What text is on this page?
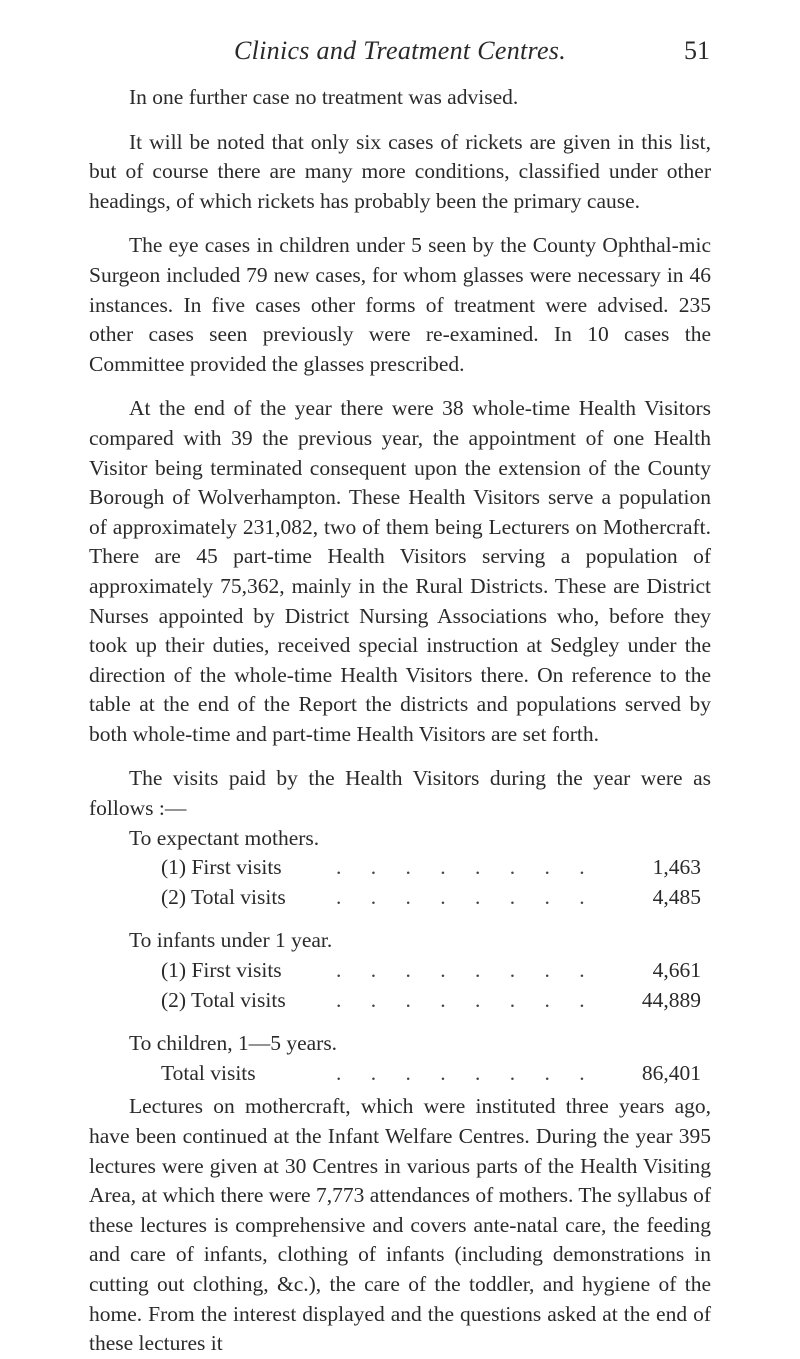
Clinics and Treatment Centres.	51

In one further case no treatment was advised.

It will be noted that only six cases of rickets are given in this list, but of course there are many more conditions, classified under other headings, of which rickets has probably been the primary cause.

The eye cases in children under 5 seen by the County Ophthal-mic Surgeon included 79 new cases, for whom glasses were necessary in 46 instances. In five cases other forms of treatment were advised. 235 other cases seen previously were re-examined. In 10 cases the Committee provided the glasses prescribed.

At the end of the year there were 38 whole-time Health Visitors compared with 39 the previous year, the appointment of one Health Visitor being terminated consequent upon the extension of the County Borough of Wolverhampton. These Health Visitors serve a population of approximately 231,082, two of them being Lecturers on Mothercraft. There are 45 part-time Health Visitors serving a population of approximately 75,362, mainly in the Rural Districts. These are District Nurses appointed by District Nursing Associations who, before they took up their duties, received special instruction at Sedgley under the direction of the whole-time Health Visitors there. On reference to the table at the end of the Report the districts and populations served by both whole-time and part-time Health Visitors are set forth.

The visits paid by the Health Visitors during the year were as follows :—

To expectant mothers.
(1) First visits	. . . . . . . .	1,463
(2) Total visits	. . . . . . . .	4,485
To infants under 1 year.
(1) First visits	. . . . . . . .	4,661
(2) Total visits	. . . . . . . .	44,889
To children, 1—5 years.
Total visits	. . . . . . . .	86,401

Lectures on mothercraft, which were instituted three years ago, have been continued at the Infant Welfare Centres. During the year 395 lectures were given at 30 Centres in various parts of the Health Visiting Area, at which there were 7,773 attendances of mothers. The syllabus of these lectures is comprehensive and covers ante-natal care, the feeding and care of infants, clothing of infants (including demonstrations in cutting out clothing, &c.), the care of the toddler, and hygiene of the home. From the interest displayed and the questions asked at the end of these lectures it
